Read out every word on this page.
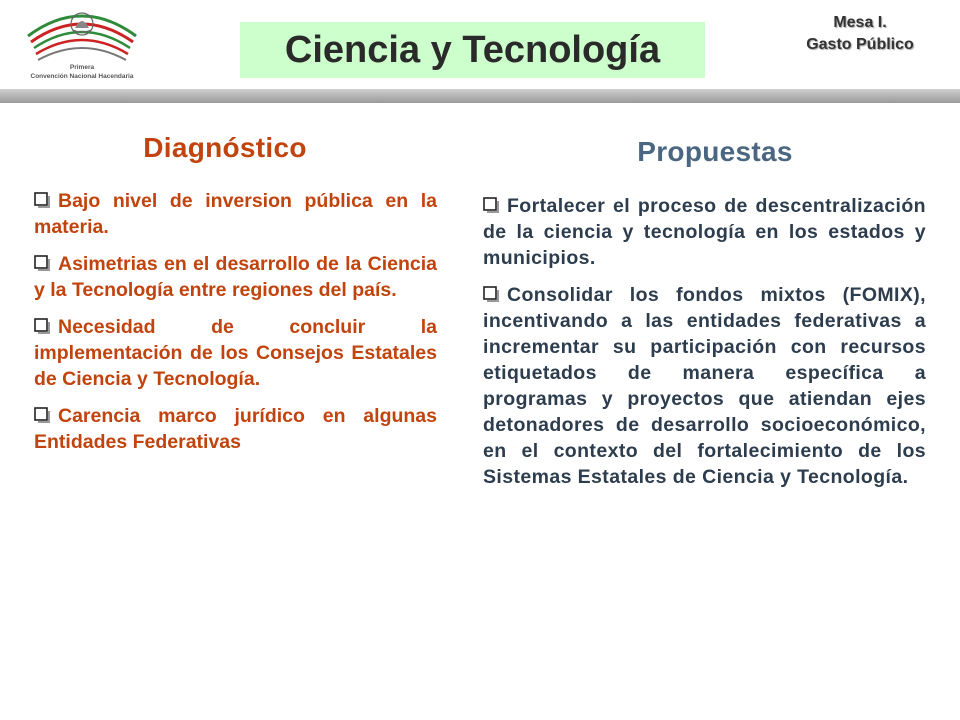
Primera
Convención Nacional Hacendaria
Ciencia y Tecnología
Mesa I.
Gasto Público
Diagnóstico
Bajo nivel de inversion pública en la materia.
Asimetrias en el desarrollo de la Ciencia y la Tecnología entre regiones del país.
Necesidad de concluir la implementación de los Consejos Estatales de Ciencia y Tecnología.
Carencia marco jurídico en algunas Entidades Federativas
Propuestas
Fortalecer el proceso de descentralización de la ciencia y tecnología en los estados y municipios.
Consolidar los fondos mixtos (FOMIX), incentivando a las entidades federativas a incrementar su participación con recursos etiquetados de manera específica a programas y proyectos que atiendan ejes detonadores de desarrollo socioeconómico, en el contexto del fortalecimiento de los Sistemas Estatales de Ciencia y Tecnología.
